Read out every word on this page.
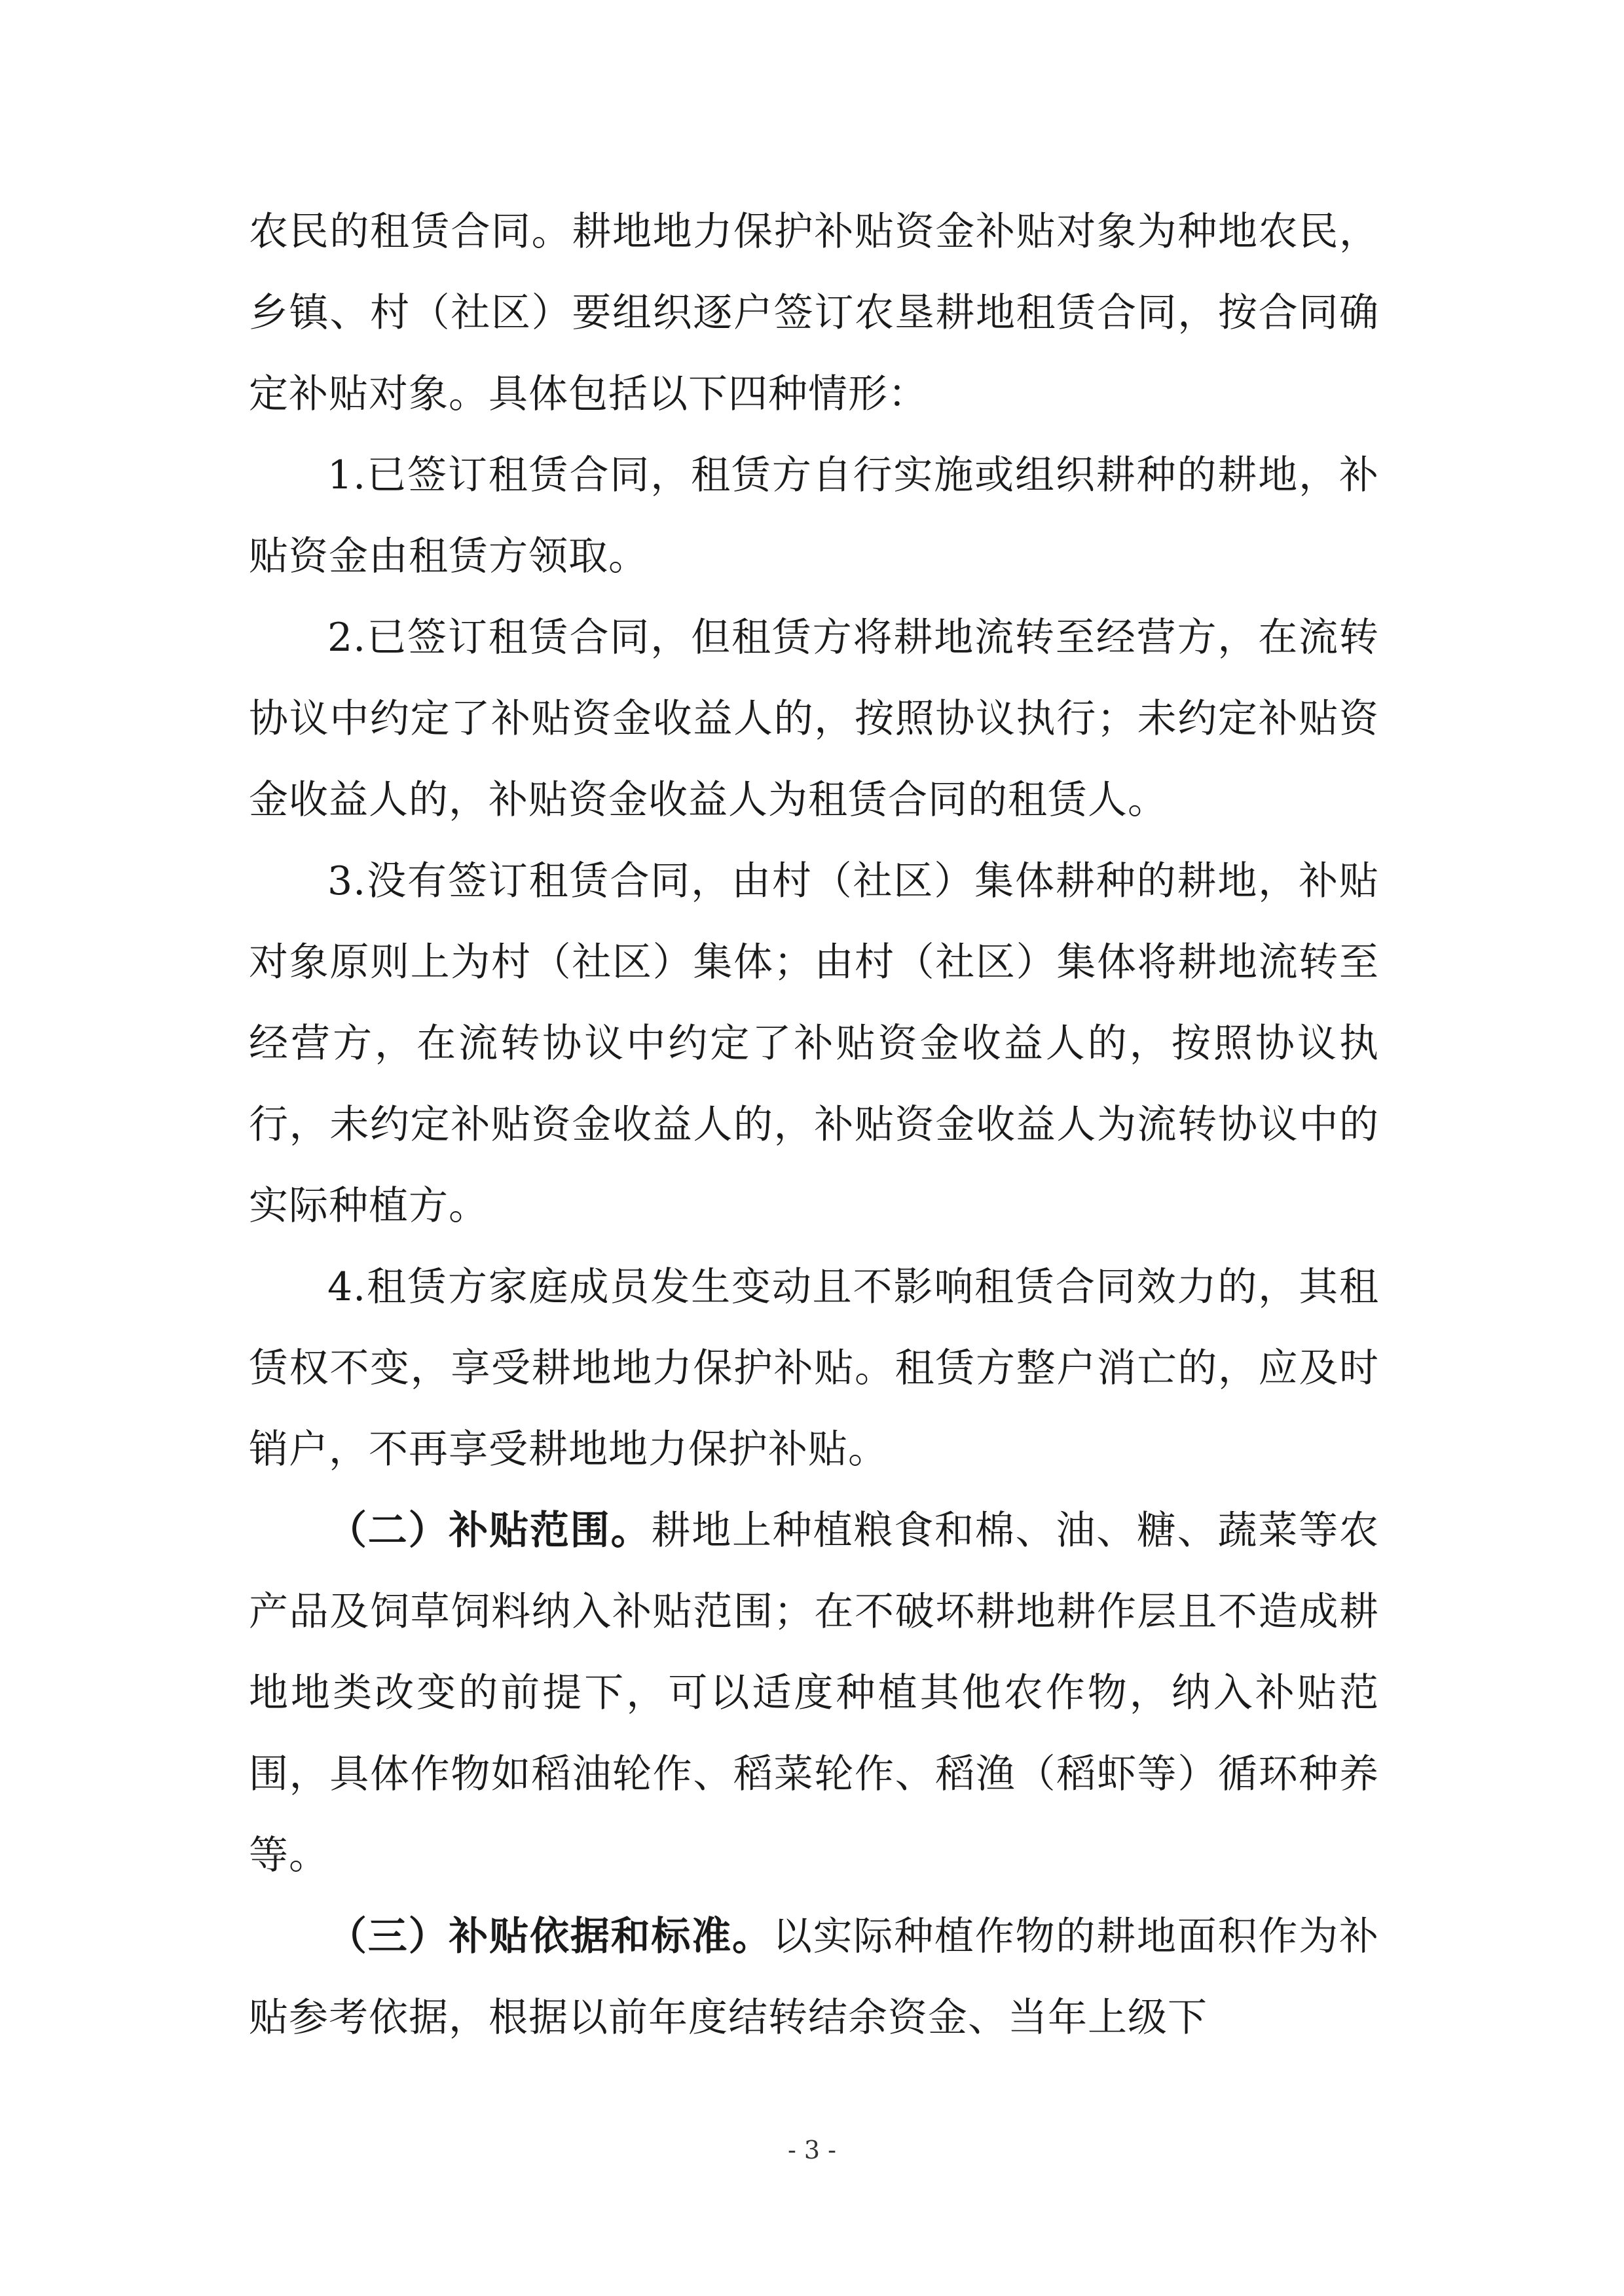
农民的租赁合同。耕地地力保护补贴资金补贴对象为种地农民，乡镇、村（社区）要组织逐户签订农垦耕地租赁合同，按合同确定补贴对象。具体包括以下四种情形：

1.已签订租赁合同，租赁方自行实施或组织耕种的耕地，补贴资金由租赁方领取。

2.已签订租赁合同，但租赁方将耕地流转至经营方，在流转协议中约定了补贴资金收益人的，按照协议执行；未约定补贴资金收益人的，补贴资金收益人为租赁合同的租赁人。

3.没有签订租赁合同，由村（社区）集体耕种的耕地，补贴对象原则上为村（社区）集体；由村（社区）集体将耕地流转至经营方，在流转协议中约定了补贴资金收益人的，按照协议执行，未约定补贴资金收益人的，补贴资金收益人为流转协议中的实际种植方。

4.租赁方家庭成员发生变动且不影响租赁合同效力的，其租赁权不变，享受耕地地力保护补贴。租赁方整户消亡的，应及时销户，不再享受耕地地力保护补贴。

（二）补贴范围。耕地上种植粮食和棉、油、糖、蔬菜等农产品及饲草饲料纳入补贴范围；在不破坏耕地耕作层且不造成耕地地类改变的前提下，可以适度种植其他农作物，纳入补贴范围，具体作物如稻油轮作、稻菜轮作、稻渔（稻虾等）循环种养等。

（三）补贴依据和标准。以实际种植作物的耕地面积作为补贴参考依据，根据以前年度结转结余资金、当年上级下

- 3 -
